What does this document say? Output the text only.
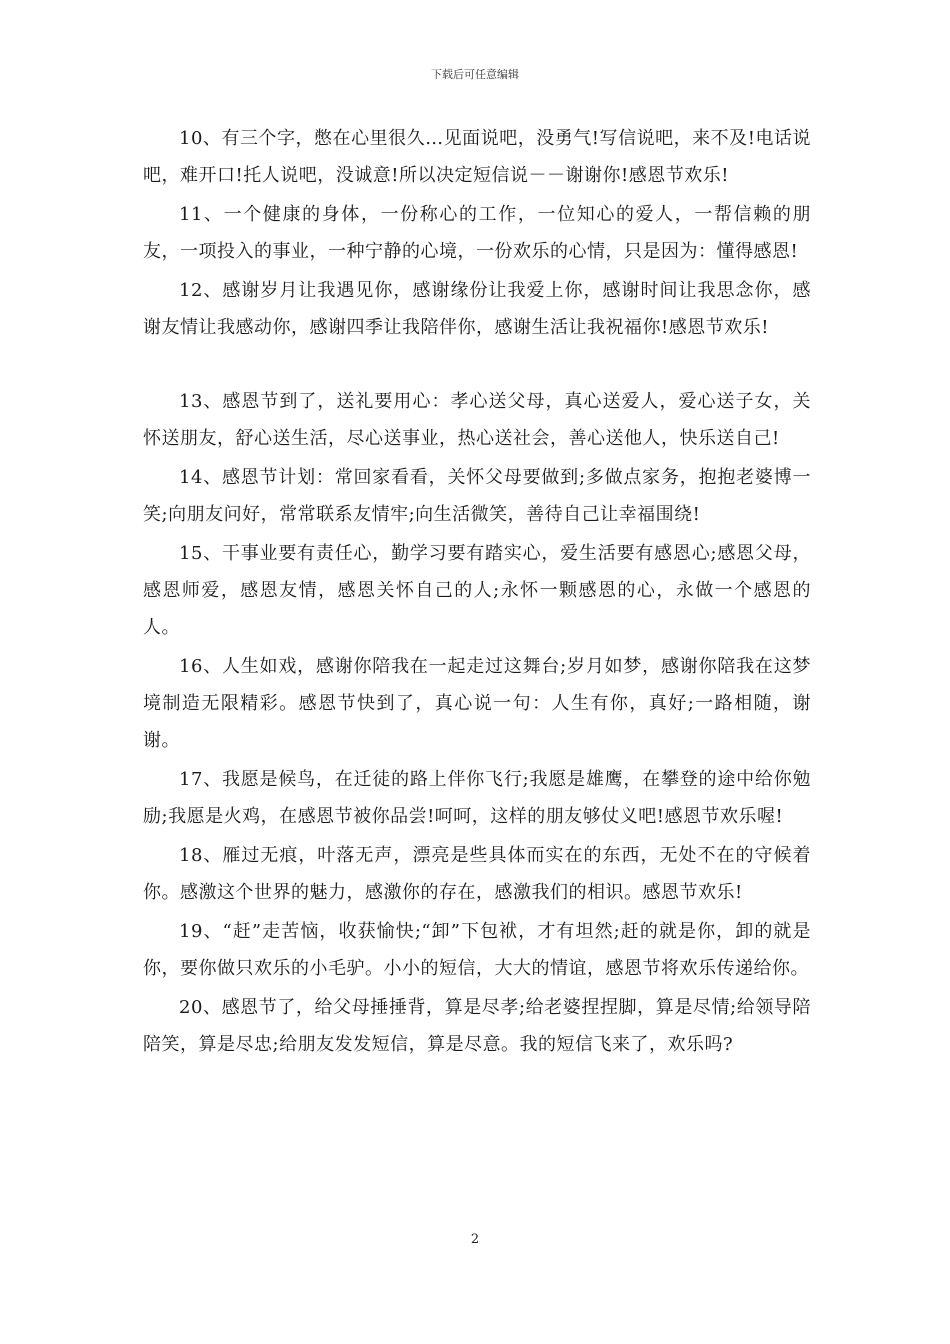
下载后可任意编辑

10、有三个字，憋在心里很久…见面说吧，没勇气!写信说吧，来不及!电话说吧，难开口!托人说吧，没诚意!所以决定短信说－－谢谢你!感恩节欢乐!

11、一个健康的身体，一份称心的工作，一位知心的爱人，一帮信赖的朋友，一项投入的事业，一种宁静的心境，一份欢乐的心情，只是因为：懂得感恩!

12、感谢岁月让我遇见你，感谢缘份让我爱上你，感谢时间让我思念你，感谢友情让我感动你，感谢四季让我陪伴你，感谢生活让我祝福你!感恩节欢乐!

13、感恩节到了，送礼要用心：孝心送父母，真心送爱人，爱心送子女，关怀送朋友，舒心送生活，尽心送事业，热心送社会，善心送他人，快乐送自己!

14、感恩节计划：常回家看看，关怀父母要做到;多做点家务，抱抱老婆博一笑;向朋友问好，常常联系友情牢;向生活微笑，善待自己让幸福围绕!

15、干事业要有责任心，勤学习要有踏实心，爱生活要有感恩心;感恩父母，感恩师爱，感恩友情，感恩关怀自己的人;永怀一颗感恩的心，永做一个感恩的人。

16、人生如戏，感谢你陪我在一起走过这舞台;岁月如梦，感谢你陪我在这梦境制造无限精彩。感恩节快到了，真心说一句：人生有你，真好;一路相随，谢谢。

17、我愿是候鸟，在迁徒的路上伴你飞行;我愿是雄鹰，在攀登的途中给你勉励;我愿是火鸡，在感恩节被你品尝!呵呵，这样的朋友够仗义吧!感恩节欢乐喔!

18、雁过无痕，叶落无声，漂亮是些具体而实在的东西，无处不在的守候着你。感激这个世界的魅力，感激你的存在，感激我们的相识。感恩节欢乐!

19、“赶”走苦恼，收获愉快;“卸”下包袱，才有坦然;赶的就是你，卸的就是你，要你做只欢乐的小毛驴。小小的短信，大大的情谊，感恩节将欢乐传递给你。

20、感恩节了，给父母捶捶背，算是尽孝;给老婆捏捏脚，算是尽情;给领导陪陪笑，算是尽忠;给朋友发发短信，算是尽意。我的短信飞来了，欢乐吗?

2
